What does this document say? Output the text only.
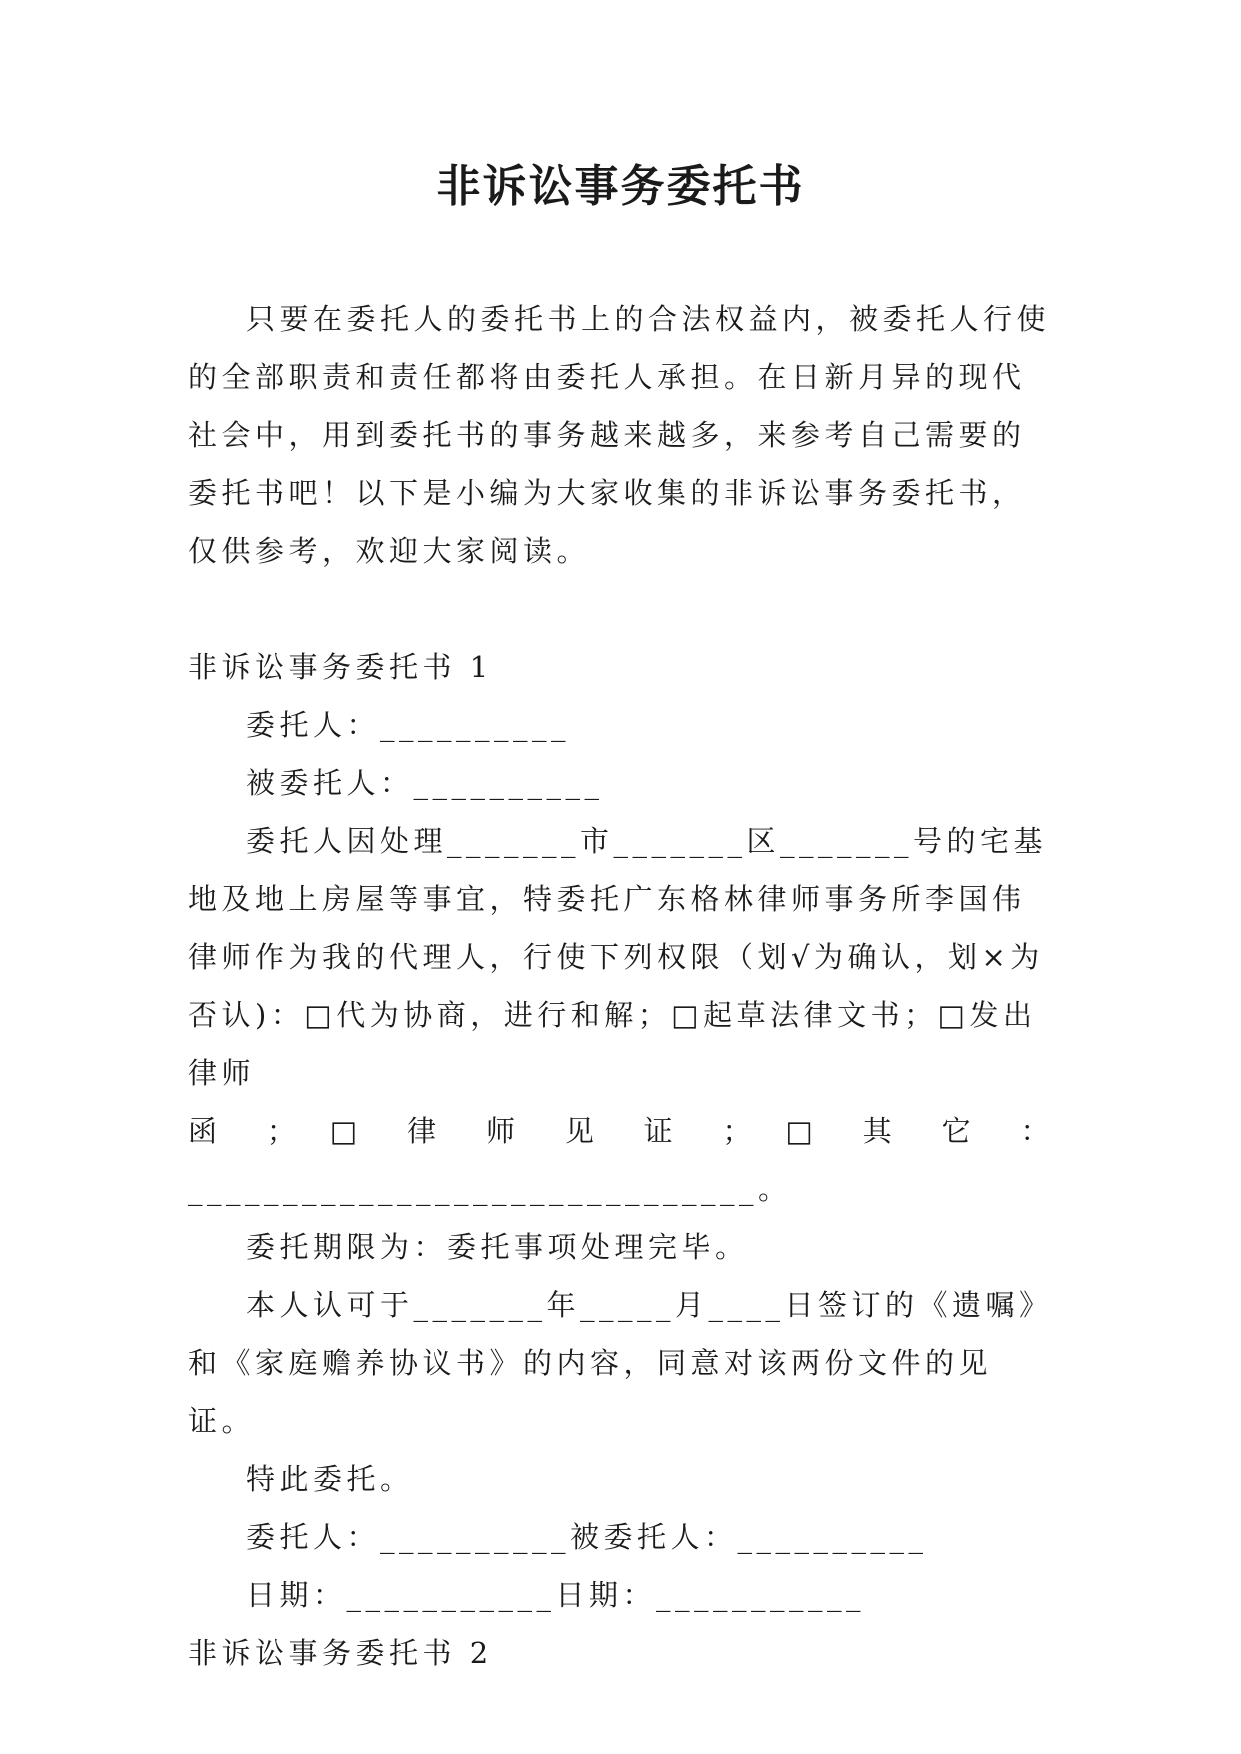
非诉讼事务委托书

只要在委托人的委托书上的合法权益内，被委托人行使的全部职责和责任都将由委托人承担。在日新月异的现代社会中，用到委托书的事务越来越多，来参考自己需要的委托书吧！以下是小编为大家收集的非诉讼事务委托书，仅供参考，欢迎大家阅读。

非诉讼事务委托书 1

委托人：__________

被委托人：__________

委托人因处理_______市_______区_______号的宅基地及地上房屋等事宜，特委托广东格林律师事务所李国伟律师作为我的代理人，行使下列权限（划√为确认，划×为否认)：□代为协商，进行和解；□起草法律文书；□发出律师

函 ； □ 律 师 见 证 ； □ 其 它 ：

______________________________。

委托期限为：委托事项处理完毕。

本人认可于_______年_____月____日签订的《遗嘱》和《家庭赡养协议书》的内容，同意对该两份文件的见证。

特此委托。

委托人：__________被委托人：__________

日期：___________日期：___________

非诉讼事务委托书 2
